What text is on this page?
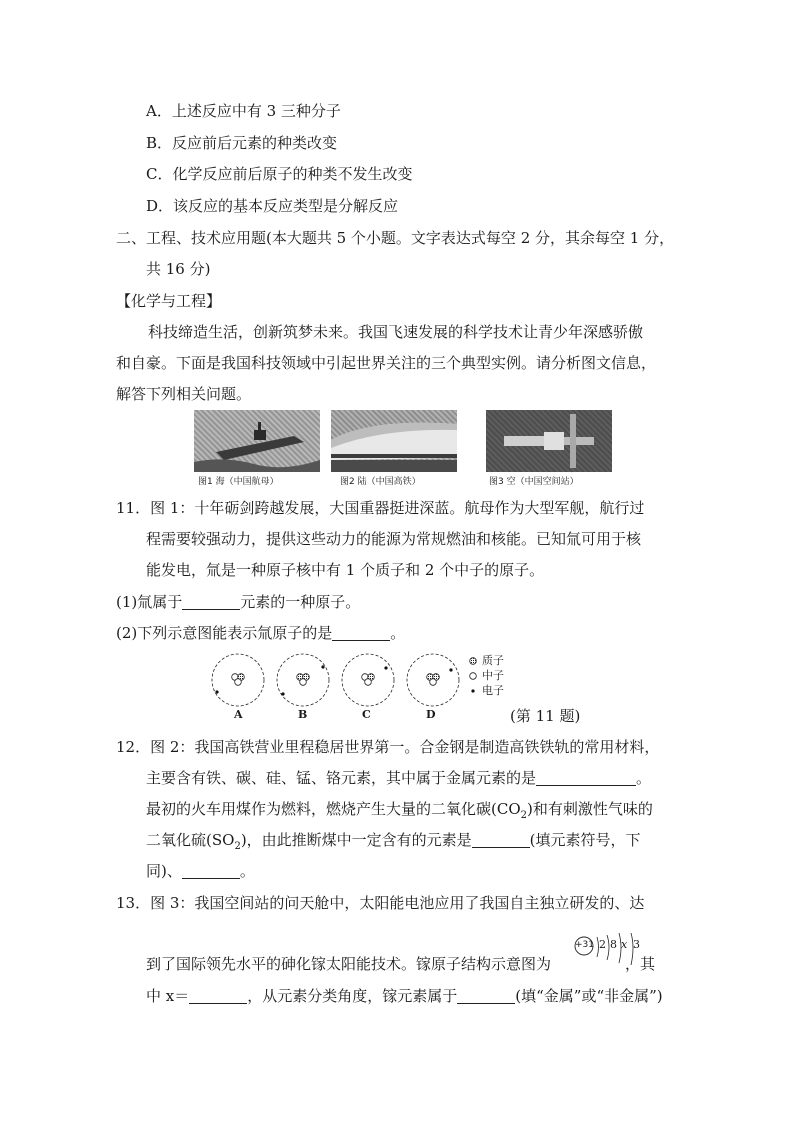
A．上述反应中有 3 三种分子
B．反应前后元素的种类改变
C．化学反应前后原子的种类不发生改变
D．该反应的基本反应类型是分解反应
二、工程、技术应用题(本大题共 5 个小题。文字表达式每空 2 分，其余每空 1 分，
共 16 分)
【化学与工程】
科技缔造生活，创新筑梦未来。我国飞速发展的科学技术让青少年深感骄傲
和自豪。下面是我国科技领域中引起世界关注的三个典型实例。请分析图文信息，
解答下列相关问题。
图1 海（中国航母）	图2 陆（中国高铁）	图3 空（中国空间站）
11．图 1：十年砺剑跨越发展，大国重器挺进深蓝。航母作为大型军舰，航行过
程需要较强动力，提供这些动力的能源为常规燃油和核能。已知氚可用于核
能发电，氚是一种原子核中有 1 个质子和 2 个中子的原子。
(1)氚属于	元素的一种原子。
(2)下列示意图能表示氚原子的是	。
A	B	C	D
质子
中子
电子
(第 11 题)
12．图 2：我国高铁营业里程稳居世界第一。合金钢是制造高铁铁轨的常用材料，
主要含有铁、碳、硅、锰、铬元素，其中属于金属元素的是	。
最初的火车用煤作为燃料，燃烧产生大量的二氧化碳$(CO_2)$和有刺激性气味的
二氧化硫$(SO_2)$，由此推断煤中一定含有的元素是	(填元素符号，下
同)、	。
13．图 3：我国空间站的问天舱中，太阳能电池应用了我国自主独立研发的、达
到了国际领先水平的砷化镓太阳能技术。镓原子结构示意图为	，其
+31 2 8 x 3
中 x＝	，从元素分类角度，镓元素属于	(填“金属”或“非金属”)
